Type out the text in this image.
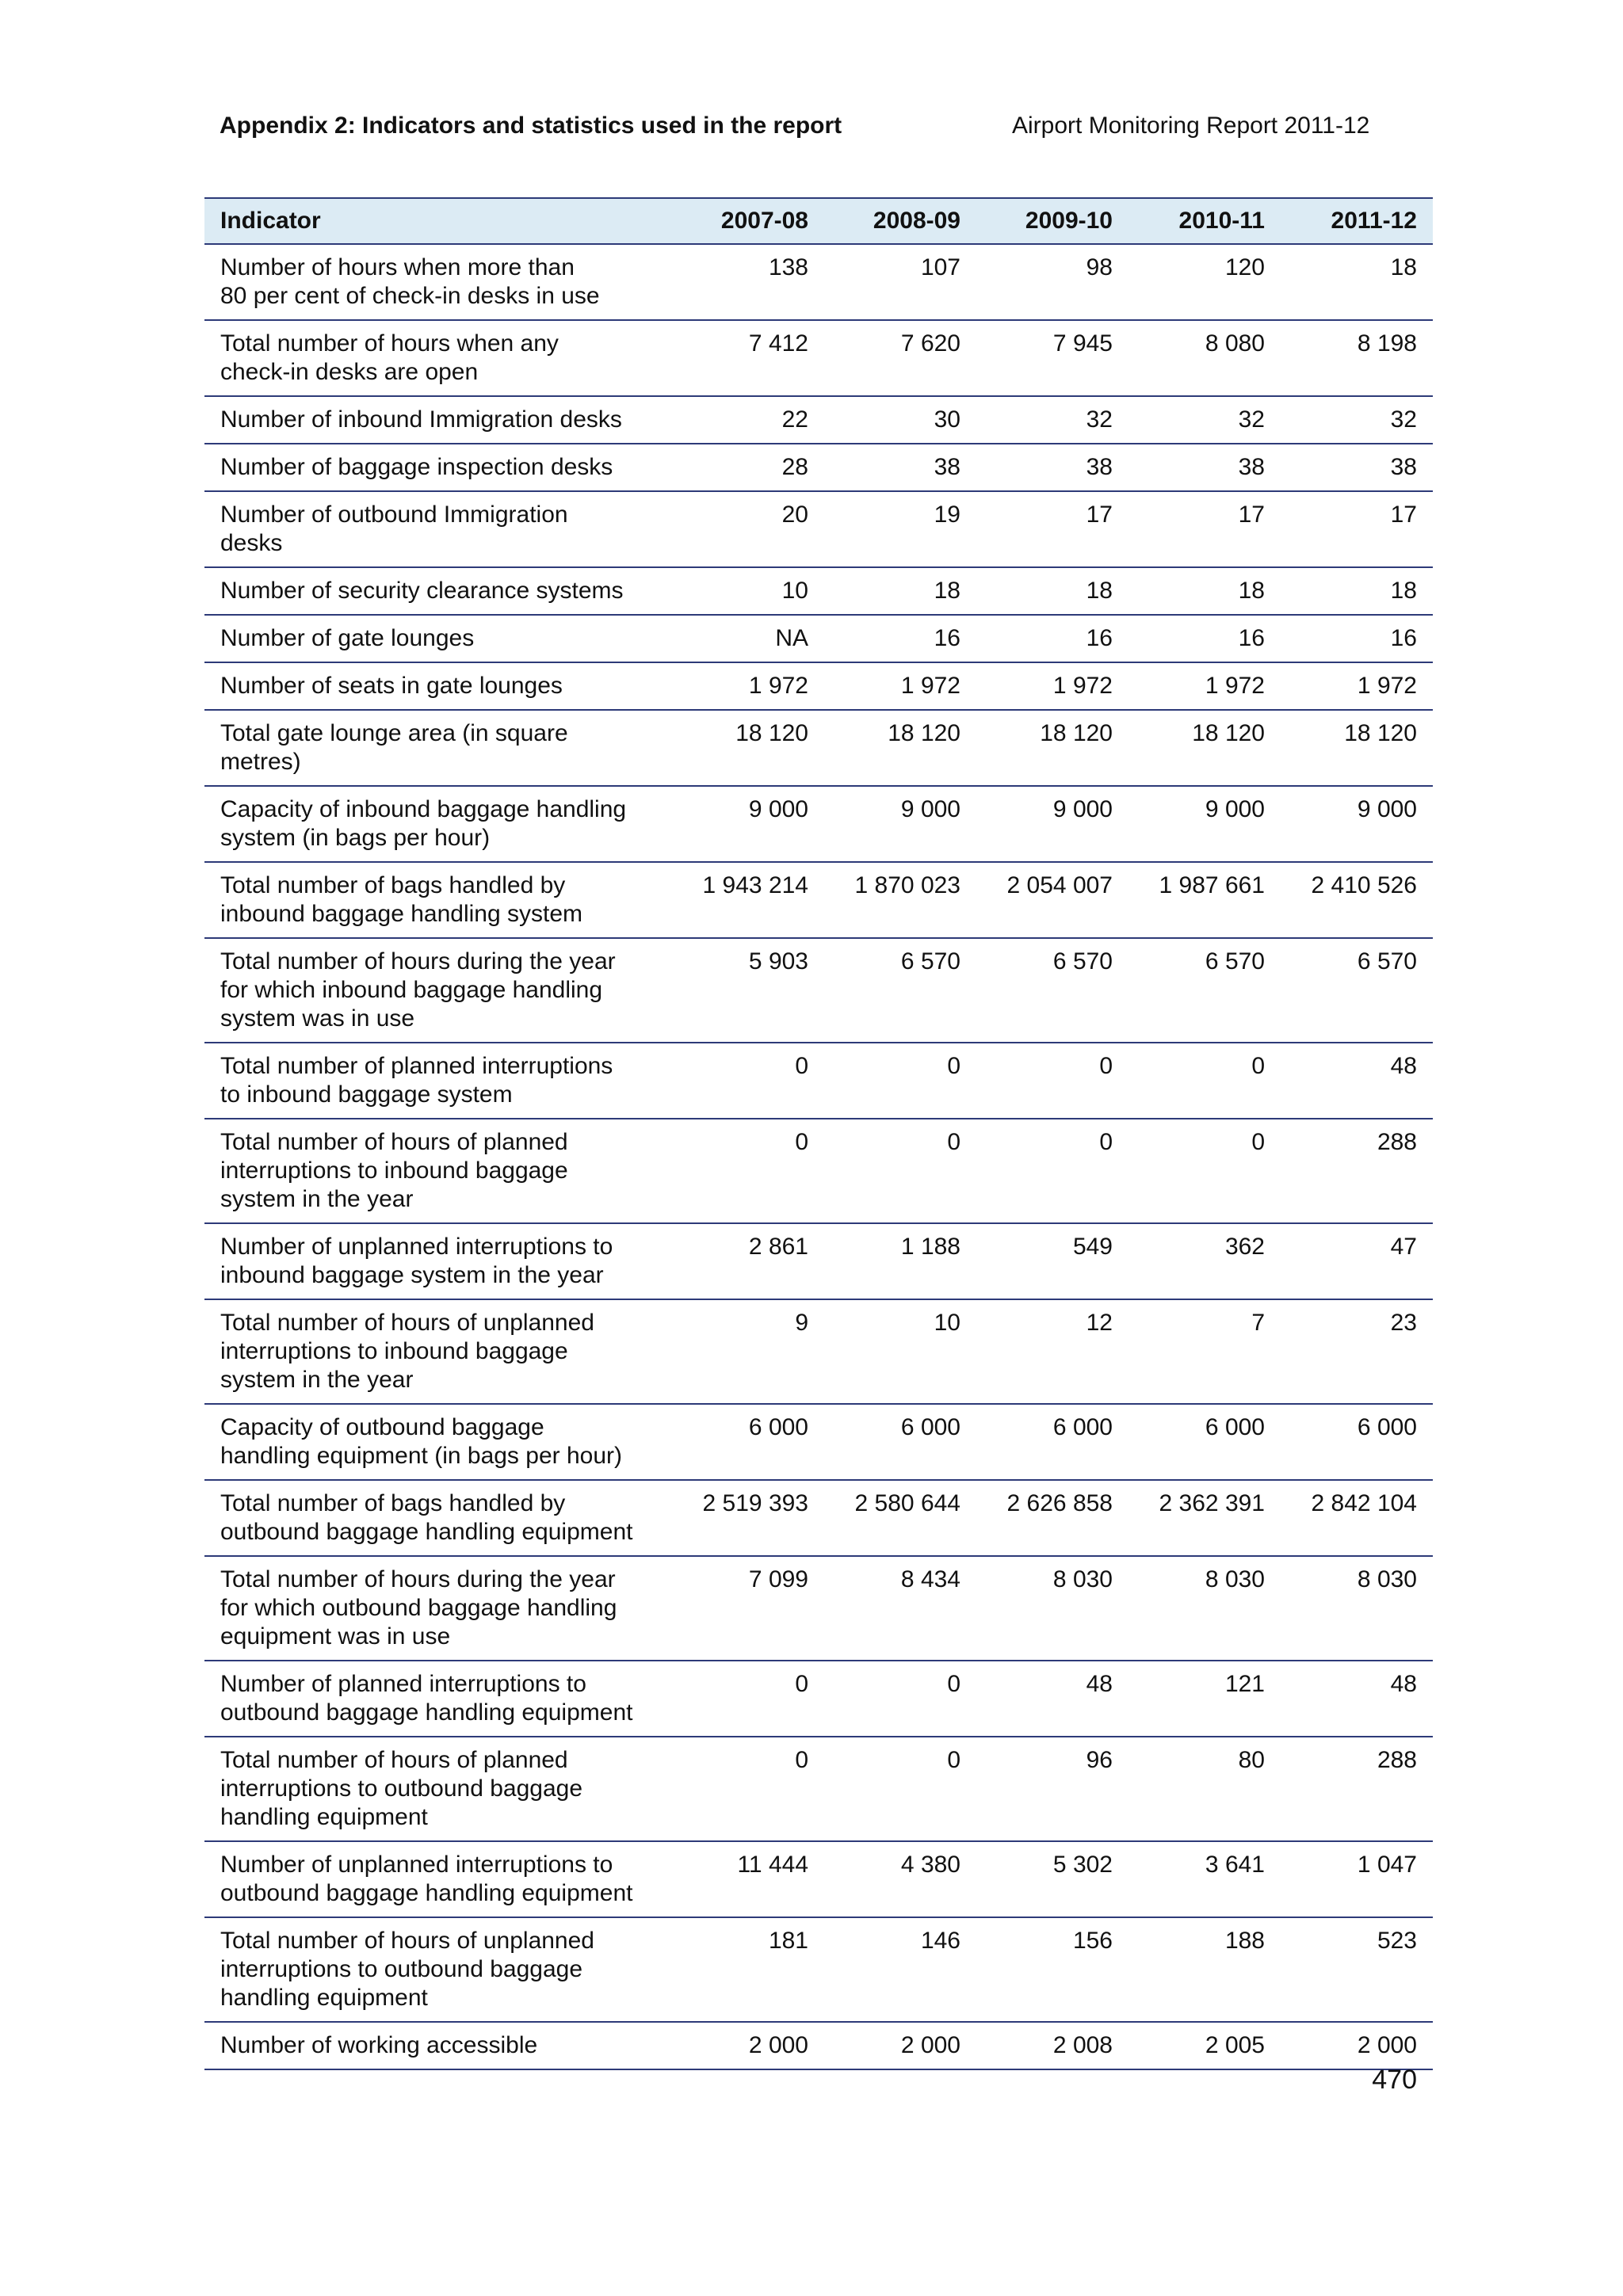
Appendix 2: Indicators and statistics used in the report	Airport Monitoring Report 2011-12
Indicator	2007-08	2008-09	2009-10	2010-11	2011-12

Number of hours when more than
80 per cent of check-in desks in use	138	107	98	120	18

Total number of hours when any
check-in desks are open	7 412	7 620	7 945	8 080	8 198

Number of inbound Immigration desks	22	30	32	32	32

Number of baggage inspection desks	28	38	38	38	38

Number of outbound Immigration
desks	20	19	17	17	17

Number of security clearance systems	10	18	18	18	18

Number of gate lounges	NA	16	16	16	16

Number of seats in gate lounges	1 972	1 972	1 972	1 972	1 972

Total gate lounge area (in square
metres)	18 120	18 120	18 120	18 120	18 120

Capacity of inbound baggage handling
system (in bags per hour)	9 000	9 000	9 000	9 000	9 000

Total number of bags handled by
inbound baggage handling system	1 943 214	1 870 023	2 054 007	1 987 661	2 410 526

Total number of hours during the year
for which inbound baggage handling
system was in use	5 903	6 570	6 570	6 570	6 570

Total number of planned interruptions
to inbound baggage system	0	0	0	0	48

Total number of hours of planned
interruptions to inbound baggage
system in the year	0	0	0	0	288

Number of unplanned interruptions to
inbound baggage system in the year	2 861	1 188	549	362	47

Total number of hours of unplanned
interruptions to inbound baggage
system in the year	9	10	12	7	23

Capacity of outbound baggage
handling equipment (in bags per hour)	6 000	6 000	6 000	6 000	6 000

Total number of bags handled by
outbound baggage handling equipment	2 519 393	2 580 644	2 626 858	2 362 391	2 842 104

Total number of hours during the year
for which outbound baggage handling
equipment was in use	7 099	8 434	8 030	8 030	8 030

Number of planned interruptions to
outbound baggage handling equipment	0	0	48	121	48

Total number of hours of planned
interruptions to outbound baggage
handling equipment	0	0	96	80	288

Number of unplanned interruptions to
outbound baggage handling equipment	11 444	4 380	5 302	3 641	1 047

Total number of hours of unplanned
interruptions to outbound baggage
handling equipment	181	146	156	188	523

Number of working accessible	2 000	2 000	2 008	2 005	2 000
470
